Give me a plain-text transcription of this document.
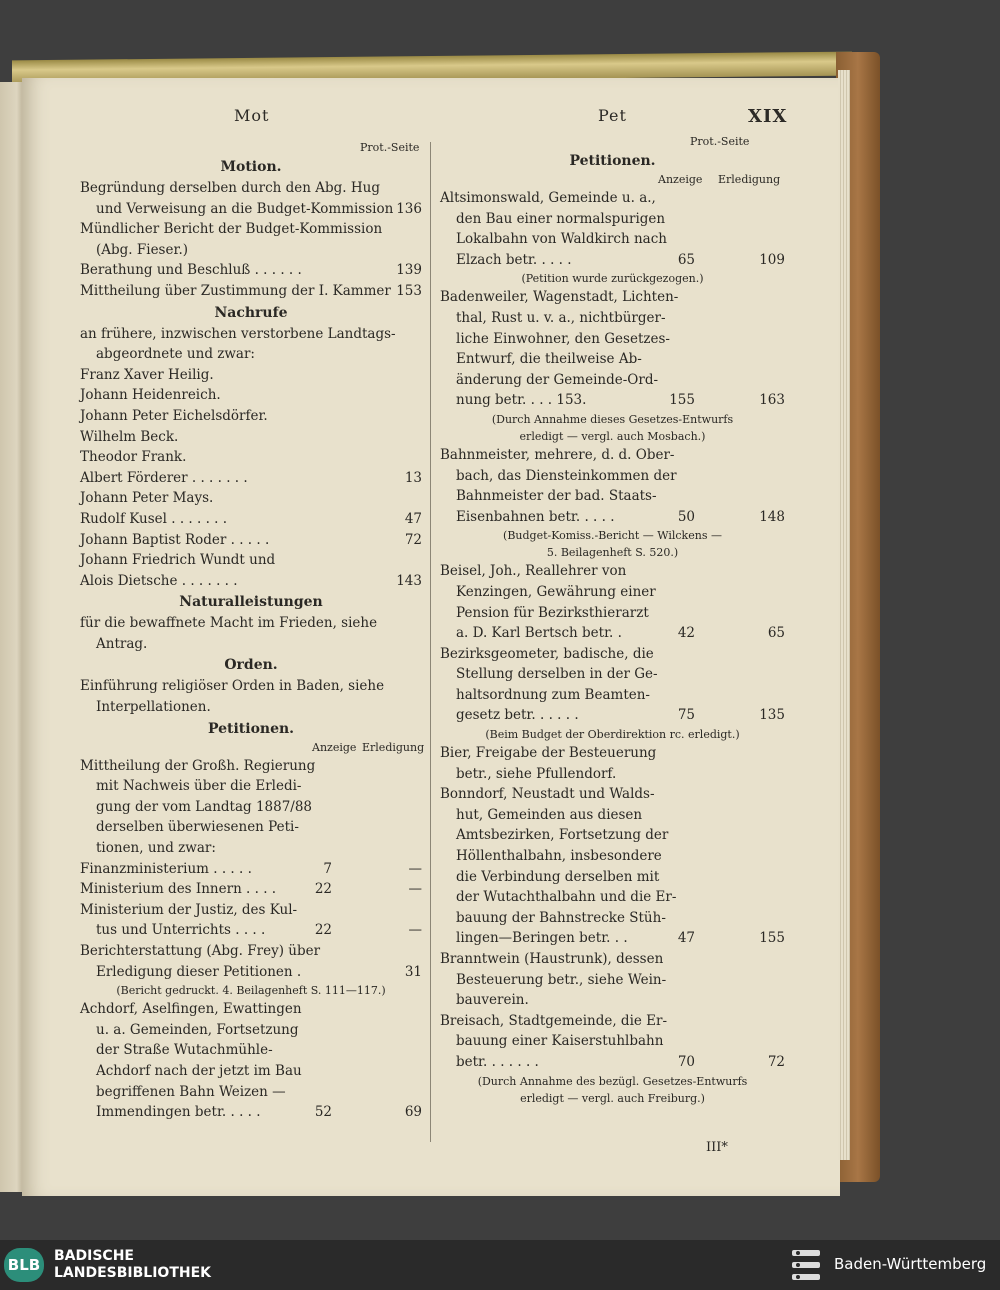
Mot	Pet	XIX
Prot.-Seite
Motion.
Begründung derselben durch den Abg. Hug
und Verweisung an die Budget-Kommission 136
Mündlicher Bericht der Budget-Kommission
(Abg. Fieser.)
Berathung und Beschluß . . . . . .	139
Mittheilung über Zustimmung der I. Kammer 153
Nachrufe
an frühere, inzwischen verstorbene Landtags-
abgeordnete und zwar:
Franz Xaver Heilig.
Johann Heidenreich.
Johann Peter Eichelsdörfer.
Wilhelm Beck.
Theodor Frank.
Albert Förderer . . . . . . .	13
Johann Peter Mays.
Rudolf Kusel . . . . . . .	47
Johann Baptist Roder . . . . .	72
Johann Friedrich Wundt und
Alois Dietsche . . . . . . .	143
Naturalleistungen
für die bewaffnete Macht im Frieden, siehe
Antrag.
Orden.
Einführung religiöser Orden in Baden, siehe
Interpellationen.
Petitionen.
Anzeige Erledigung
Mittheilung der Großh. Regierung
mit Nachweis über die Erledi-
gung der vom Landtag 1887/88
derselben überwiesenen Peti-
tionen, und zwar:
Finanzministerium . . . . .	7	—
Ministerium des Innern . . . .	22	—
Ministerium der Justiz, des Kul-
tus und Unterrichts . . . .	22	—
Berichterstattung (Abg. Frey) über
Erledigung dieser Petitionen .	31
(Bericht gedruckt. 4. Beilagenheft S. 111—117.)
Achdorf, Aselfingen, Ewattingen
u. a. Gemeinden, Fortsetzung
der Straße Wutachmühle-
Achdorf nach der jetzt im Bau
begriffenen Bahn Weizen —
Immendingen betr. . . . .	52	69
Prot.-Seite
Petitionen.
Anzeige Erledigung
Altsimonswald, Gemeinde u. a.,
den Bau einer normalspurigen
Lokalbahn von Waldkirch nach
Elzach betr. . . . .	65	109
(Petition wurde zurückgezogen.)
Badenweiler, Wagenstadt, Lichten-
thal, Rust u. v. a., nichtbürger-
liche Einwohner, den Gesetzes-
Entwurf, die theilweise Ab-
änderung der Gemeinde-Ord-
nung betr. . . . 153.	155	163
(Durch Annahme dieses Gesetzes-Entwurfs
erledigt — vergl. auch Mosbach.)
Bahnmeister, mehrere, d. d. Ober-
bach, das Diensteinkommen der
Bahnmeister der bad. Staats-
Eisenbahnen betr. . . . .	50	148
(Budget-Komiss.-Bericht — Wilckens —
5. Beilagenheft S. 520.)
Beisel, Joh., Reallehrer von
Kenzingen, Gewährung einer
Pension für Bezirksthierarzt
a. D. Karl Bertsch betr. .	42	65
Bezirksgeometer, badische, die
Stellung derselben in der Ge-
haltsordnung zum Beamten-
gesetz betr. . . . . .	75	135
(Beim Budget der Oberdirektion rc. erledigt.)
Bier, Freigabe der Besteuerung
betr., siehe Pfullendorf.
Bonndorf, Neustadt und Walds-
hut, Gemeinden aus diesen
Amtsbezirken, Fortsetzung der
Höllenthalbahn, insbesondere
die Verbindung derselben mit
der Wutachthalbahn und die Er-
bauung der Bahnstrecke Stüh-
lingen—Beringen betr. . .	47	155
Branntwein (Haustrunk), dessen
Besteuerung betr., siehe Wein-
bauverein.
Breisach, Stadtgemeinde, die Er-
bauung einer Kaiserstuhlbahn
betr. . . . . . .	70	72
(Durch Annahme des bezügl. Gesetzes-Entwurfs
erledigt — vergl. auch Freiburg.)
III*
BLB BADISCHE
LANDESBIBLIOTHEK	Baden-Württemberg
